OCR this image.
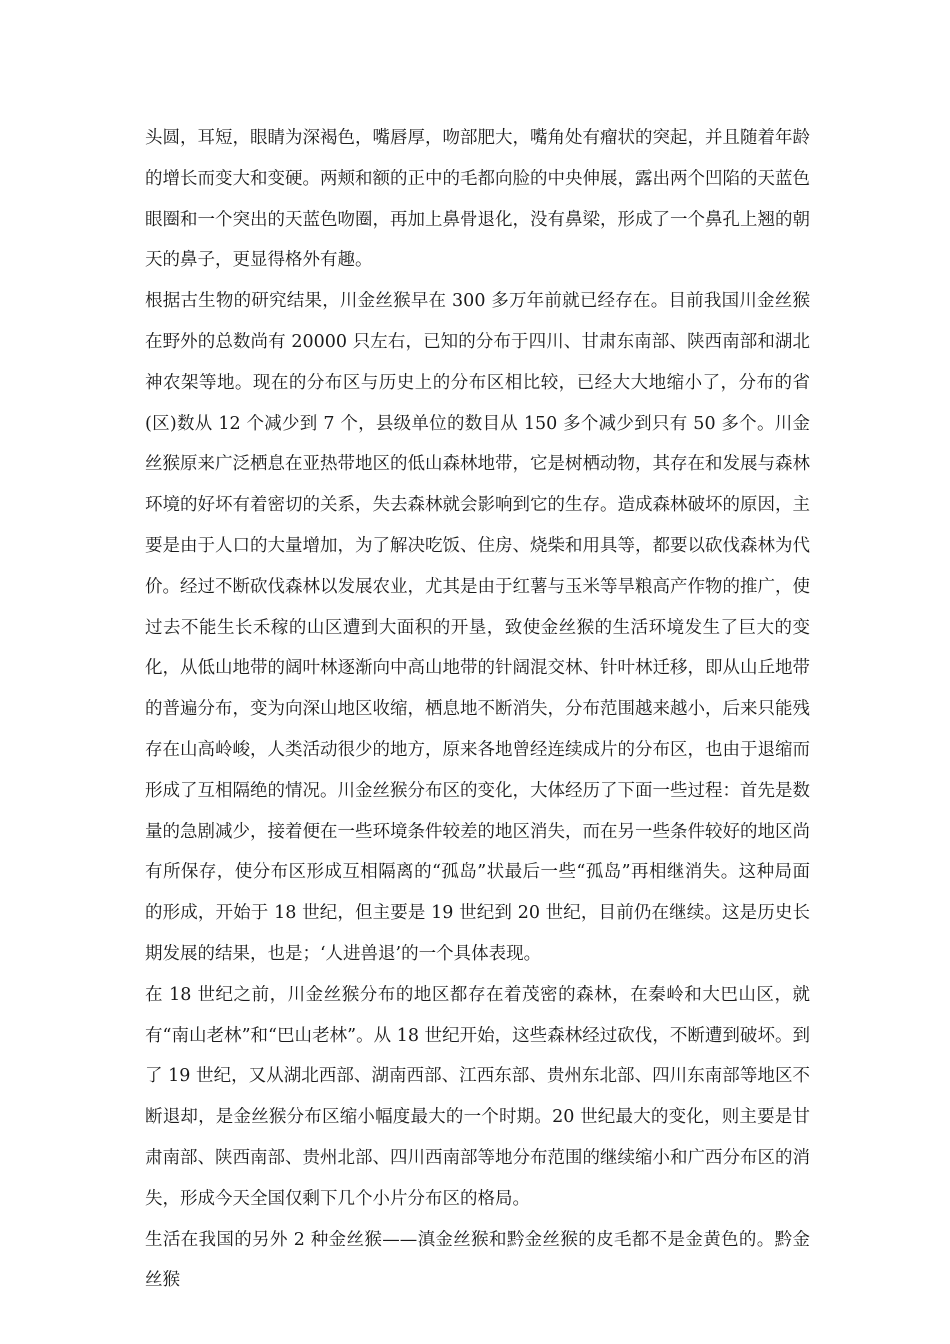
头圆，耳短，眼睛为深褐色，嘴唇厚，吻部肥大，嘴角处有瘤状的突起，并且随着年龄的增长而变大和变硬。两颊和额的正中的毛都向脸的中央伸展，露出两个凹陷的天蓝色眼圈和一个突出的天蓝色吻圈，再加上鼻骨退化，没有鼻梁，形成了一个鼻孔上翘的朝天的鼻子，更显得格外有趣。

根据古生物的研究结果，川金丝猴早在 300 多万年前就已经存在。目前我国川金丝猴在野外的总数尚有 20000 只左右，已知的分布于四川、甘肃东南部、陕西南部和湖北神农架等地。现在的分布区与历史上的分布区相比较，已经大大地缩小了，分布的省(区)数从 12 个减少到 7 个，县级单位的数目从 150 多个减少到只有 50 多个。川金丝猴原来广泛栖息在亚热带地区的低山森林地带，它是树栖动物，其存在和发展与森林环境的好坏有着密切的关系，失去森林就会影响到它的生存。造成森林破坏的原因，主要是由于人口的大量增加，为了解决吃饭、住房、烧柴和用具等，都要以砍伐森林为代价。经过不断砍伐森林以发展农业，尤其是由于红薯与玉米等旱粮高产作物的推广，使过去不能生长禾稼的山区遭到大面积的开垦，致使金丝猴的生活环境发生了巨大的变化，从低山地带的阔叶林逐渐向中高山地带的针阔混交林、针叶林迁移，即从山丘地带的普遍分布，变为向深山地区收缩，栖息地不断消失，分布范围越来越小，后来只能残存在山高岭峻，人类活动很少的地方，原来各地曾经连续成片的分布区，也由于退缩而形成了互相隔绝的情况。川金丝猴分布区的变化，大体经历了下面一些过程：首先是数量的急剧减少，接着便在一些环境条件较差的地区消失，而在另一些条件较好的地区尚有所保存，使分布区形成互相隔离的“孤岛”状最后一些“孤岛”再相继消失。这种局面的形成，开始于 18 世纪，但主要是 19 世纪到 20 世纪，目前仍在继续。这是历史长期发展的结果，也是；‘人进兽退’的一个具体表现。

在 18 世纪之前，川金丝猴分布的地区都存在着茂密的森林，在秦岭和大巴山区，就有“南山老林”和“巴山老林”。从 18 世纪开始，这些森林经过砍伐，不断遭到破坏。到了 19 世纪，又从湖北西部、湖南西部、江西东部、贵州东北部、四川东南部等地区不断退却，是金丝猴分布区缩小幅度最大的一个时期。20 世纪最大的变化，则主要是甘肃南部、陕西南部、贵州北部、四川西南部等地分布范围的继续缩小和广西分布区的消失，形成今天全国仅剩下几个小片分布区的格局。

生活在我国的另外 2 种金丝猴——滇金丝猴和黔金丝猴的皮毛都不是金黄色的。黔金丝猴
